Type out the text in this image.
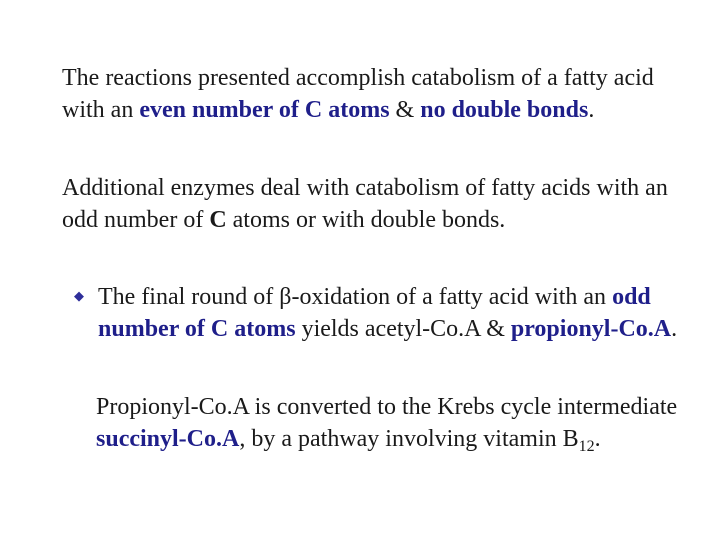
The reactions presented accomplish catabolism of a fatty acid with an even number of C atoms & no double bonds.

Additional enzymes deal with catabolism of fatty acids with an odd number of C atoms or with double bonds.

◆ The final round of β-oxidation of a fatty acid with an odd number of C atoms yields acetyl-Co.A & propionyl-Co.A.

Propionyl-Co.A is converted to the Krebs cycle intermediate succinyl-Co.A, by a pathway involving vitamin $B_{12}$.
